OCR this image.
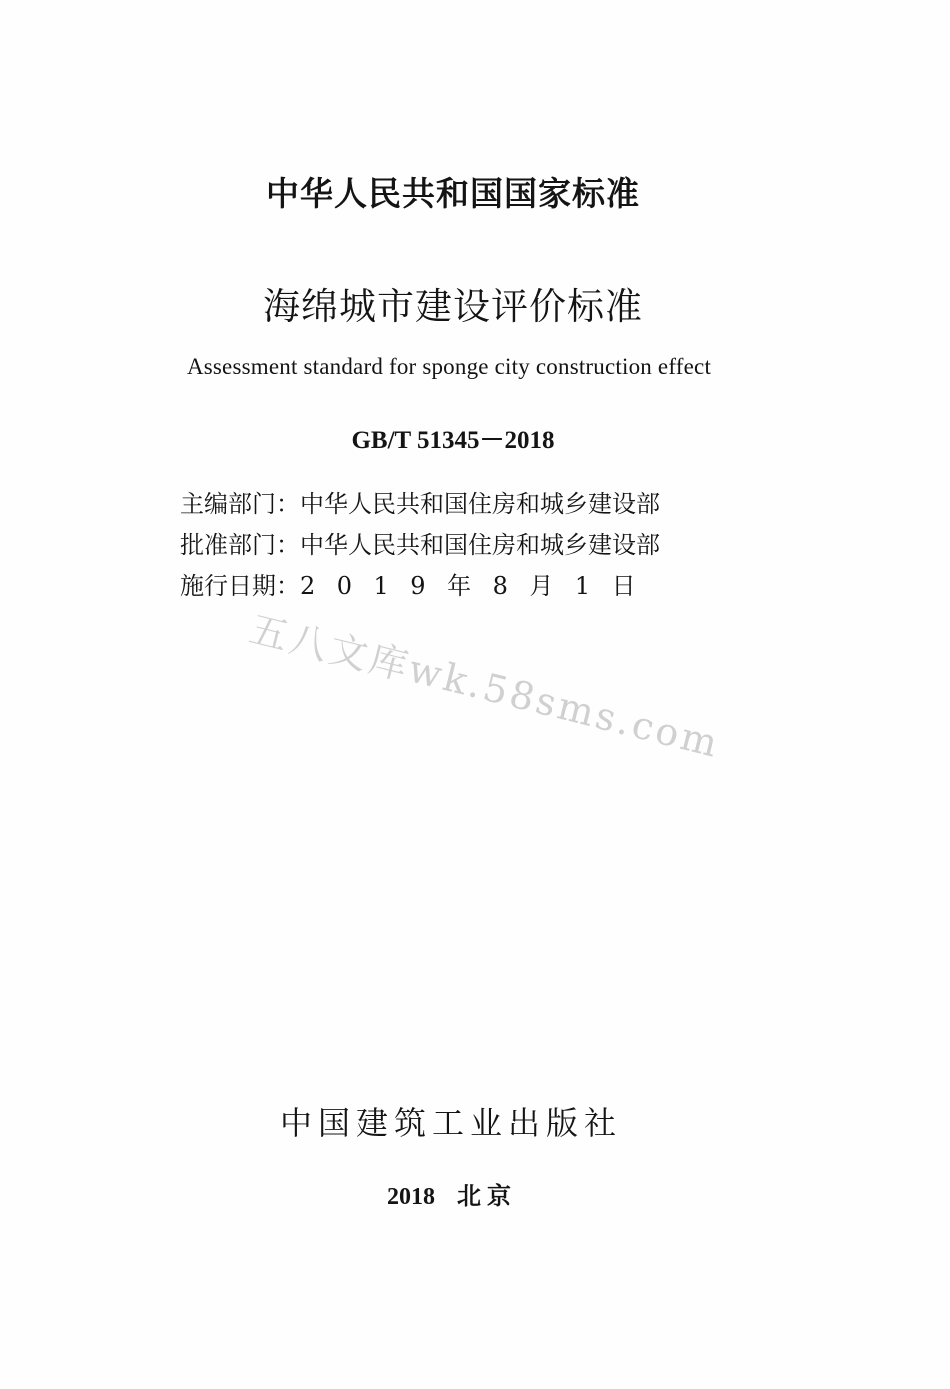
中华人民共和国国家标准
海绵城市建设评价标准
Assessment standard for sponge city construction effect
GB/T 51345－2018
主编部门： 中华人民共和国住房和城乡建设部
批准部门： 中华人民共和国住房和城乡建设部
施行日期： 2019年8月1日
五八文库wk.58sms.com
中国建筑工业出版社
2018 北 京
